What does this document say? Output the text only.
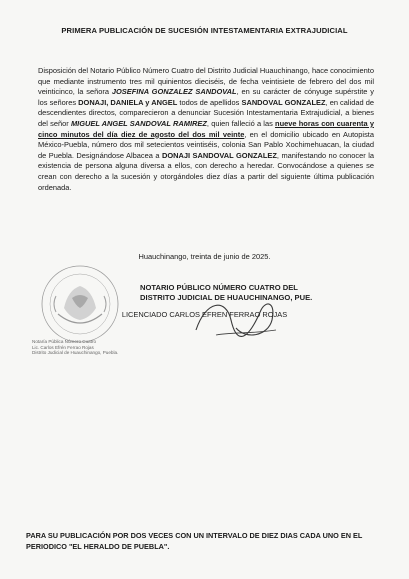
PRIMERA PUBLICACIÓN DE SUCESIÓN INTESTAMENTARIA EXTRAJUDICIAL
Disposición del Notario Público Número Cuatro del Distrito Judicial Huauchinango, hace conocimiento que mediante instrumento tres mil quinientos dieciséis, de fecha veintisiete de febrero del dos mil veinticinco, la señora JOSEFINA GONZALEZ SANDOVAL, en su carácter de cónyuge supérstite y los señores DONAJI, DANIELA y ANGEL todos de apellidos SANDOVAL GONZALEZ, en calidad de descendientes directos, comparecieron a denunciar Sucesión Intestamentaria Extrajudicial, a bienes del señor MIGUEL ANGEL SANDOVAL RAMIREZ, quien falleció a las nueve horas con cuarenta y cinco minutos del día diez de agosto del dos mil veinte, en el domicilio ubicado en Autopista México-Puebla, número dos mil setecientos veintiséis, colonia San Pablo Xochimehuacan, la ciudad de Puebla. Designándose Albacea a DONAJI SANDOVAL GONZALEZ, manifestando no conocer la existencia de persona alguna diversa a ellos, con derecho a heredar. Convocándose a quienes se crean con derecho a la sucesión y otorgándoles diez días a partir del siguiente última publicación ordenada.
Huauchinango, treinta de junio de 2025.
Notaría Pública Número Cuatro
Lic. Carlos Efrén Ferrao Rojas
Distrito Judicial de Huauchinango, Puebla.
NOTARIO PÚBLICO NÚMERO CUATRO DEL
DISTRITO JUDICIAL DE HUAUCHINANGO, PUE.
LICENCIADO CARLOS EFREN FERRAO ROJAS
PARA SU PUBLICACIÓN POR DOS VECES CON UN INTERVALO DE DIEZ DIAS CADA UNO EN EL PERIODICO "EL HERALDO DE PUEBLA".
